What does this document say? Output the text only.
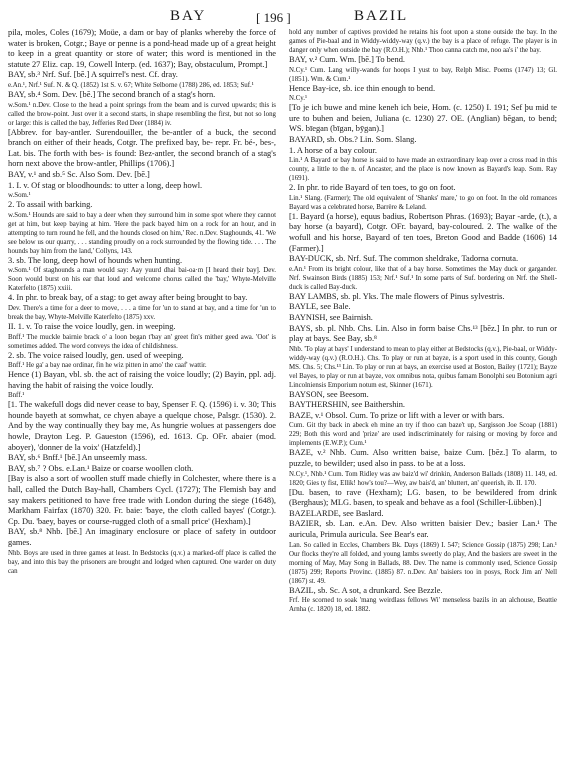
BAY	[ 196 ]	BAZIL

pila, moles, Coles (1679); Moüe, a dam or bay of planks whereby the force of water is broken, Cotgr.; Baye or penne is a pond-head made up of a great height to keep in a great quantity or store of water; this word is mentioned in the statute 27 Eliz. cap. 19, Cowell Interp. (ed. 1637); Bay, obstaculum, Prompt.]

BAY, sb.³ Nrf. Suf. [bē.] A squirrel's nest. Cf. dray.

e.An.¹, Nrf.¹ Suf. N. & Q. (1852) 1st S. v. 67; White Selborne (1788) 286, ed. 1853; Suf.¹

BAY, sb.⁴ Som. Dev. [bē.] The second branch of a stag's horn.

w.Som.¹ n.Dev. Close to the head a point springs from the beam and is curved upwards; this is called the brow-point. Just over it a second starts, in shape resembling the first, but not so long or large: this is called the bay, Jefferies Red Deer (1884) iv.

[Abbrev. for bay-antler. Surendouiller, the be-antler of a buck, the second branch on either of their heads, Cotgr. The prefixed bay, be- repr. Fr. bé-, bes-, Lat. bis. The forth with bes- is found: Bez-antler, the second branch of a stag's horn next above the brow-antler, Phillips (1706).]

BAY, v.¹ and sb.⁵ Sc. Also Som. Dev. [bē.]

1. I. v. Of stag or bloodhounds: to utter a long, deep howl.

w.Som.¹

2. To assail with barking.

w.Som.¹ Hounds are said to bay a deer when they surround him in some spot where they cannot get at him, but keep baying at him. 'Here the pack bayed him on a rock for an hour, and in attempting to turn round he fell, and the hounds closed on him,' Rec. n.Dev. Staghounds, 41. 'We see below us our quarry, . . . standing proudly on a rock surrounded by the flowing tide. . . . The hounds bay him from the land,' Collyns, 143.

3. sb. The long, deep howl of hounds when hunting.

w.Som.¹ Of staghounds a man would say: Aay yuurd dhai bai-oa·m [I heard their bay]. Dev. Soon would burst on his ear that loud and welcome chorus called the 'bay,' Whyte-Melville Katerfelto (1875) xxiii.

4. In phr. to break bay, of a stag: to get away after being brought to bay.

Dev. There's a time for a deer to move, . . . a time for 'un to stand at bay, and a time for 'un to break the bay, Whyte-Melville Katerfelto (1875) xxv.

II. 1. v. To raise the voice loudly, gen. in weeping.

Bnff.¹ The muckle bairnie brack o' a loon began t'bay an' greet fin's mither geed awa. 'Oot' is sometimes added. The word conveys the idea of childishness.

2. sb. The voice raised loudly, gen. used of weeping.

Bnff.¹ He ga' a bay nae ordinar, fin he wiz pitten in amo' the caaf' wattir.

Hence (1) Bayan, vbl. sb. the act of raising the voice loudly; (2) Bayin, ppl. adj. having the habit of raising the voice loudly.

Bnff.¹

[1. The wakefull dogs did never cease to bay, Spenser F. Q. (1596) i. v. 30; This hounde bayeth at somwhat, ce chyen abaye a quelque chose, Palsgr. (1530). 2. And by the way continually they bay me, As hungrie wolues at passengers doe howle, Drayton Leg. P. Gaueston (1596), ed. 1613. Cp. OFr. abaier (mod. aboyer), 'donner de la voix' (Hatzfeld).]

BAY, sb.⁶ Bnff.¹ [bē.] An unseemly mass.

BAY, sb.⁷ ? Obs. e.Lan.¹ Baize or coarse woollen cloth.

[Bay is also a sort of woollen stuff made chiefly in Colchester, where there is a hall, called the Dutch Bay-hall, Chambers Cycl. (1727); The Flemish bay and say makers petitioned to have free trade with London during the siege (1648), Markham Fairfax (1870) 320. Fr. baie: 'baye, the cloth called bayes' (Cotgr.). Cp. Du. 'baey, bayes or course-rugged cloth of a small price' (Hexham).]

BAY, sb.⁸ Nhb. [bē.] An imaginary enclosure or place of safety in outdoor games.

Nhb. Boys are used in three games at least. In Bedstocks (q.v.) a marked-off place is called the bay, and into this bay the prisoners are brought and lodged when captured. One warder on duty can

hold any number of captives provided he retains his foot upon a stone outside the bay. In the games of Pie-baal and in Widdy-widdy-way (q.v.) the bay is a place of refuge. The player is in danger only when outside the bay (R.O.H.); Nhb.¹ Thoo canna catch me, noo aa's i' the bay.

BAY, v.² Cum. Wm. [bē.] To bend.

N.Cy.¹ Cum. Lang willy-wands for hoops I yust to bay, Relph Misc. Poems (1747) 13; Gl. (1851). Wm. & Cum.¹

Hence Bay-ice, sb. ice thin enough to bend.

N.Cy.¹

[To je ich buwe and mine keneh ich beie, Hom. (c. 1250) I. 191; Sef þu mid te ure to buhen and beien, Juliana (c. 1230) 27. OE. (Anglian) bēgan, to bend; WS. bīegan (bīgan, bȳgan).]

BAYARD, sb. Obs.? Lin. Som. Slang.

1. A horse of a bay colour.

Lin.¹ A Bayard or bay horse is said to have made an extraordinary leap over a cross road in this county, a little to the n. of Ancaster, and the place is now known as Bayard's leap. Som. Ray (1691).

2. In phr. to ride Bayard of ten toes, to go on foot.

Lin.¹ Slang. (Farmer); The old equivalent of 'Shanks' mare,' to go on foot. In the old romances Bayard was a celebrated horse, Barrère & Leland.

[1. Bayard (a horse), equus badius, Robertson Phras. (1693); Bayar -arde, (t.), a bay horse (a bayard), Cotgr. OFr. bayard, bay-coloured. 2. The walke of the wofull and his horse, Bayard of ten toes, Breton Good and Badde (1606) 14 (Farmer).]

BAY-DUCK, sb. Nrf. Suf. The common sheldrake, Tadorna cornuta.

e.An.¹ From its bright colour, like that of a bay horse. Sometimes the May duck or gargander. Nrf. Swainson Birds (1885) 153; Nrf.¹ Suf.¹ In some parts of Suf. bordering on Nrf. the Shell-duck is called Bay-duck.

BAY LAMBS, sb. pl. Yks. The male flowers of Pinus sylvestris.

BAYLE, see Bale.

BAYNISH, see Bairnish.

BAYS, sb. pl. Nhb. Chs. Lin. Also in form baise Chs.¹³ [bēz.] In phr. to run or play at bays. See Bay, sb.⁸

Nhb. 'To play at bays' I understand to mean to play either at Bedstocks (q.v.), Pie-baal, or Widdy-widdy-way (q.v.) (R.O.H.). Chs. To play or run at bayze, is a sport used in this county, Gough MS. Chs. 5; Chs.¹³ Lin. To play or run at bays, an exercise used at Boston, Bailey (1721); Bayze vel Bayes, to play or run at bayze, vox omnibus nota, quibus famam Bonolphi seu Botonium agri Lincolniensis Emporium notum est, Skinner (1671).

BAYSON, see Beesom.

BAYTHERSHIN, see Baithershin.

BAZE, v.¹ Obsol. Cum. To prize or lift with a lever or with bars.

Cum. Git thy back in abeck eh mine an try if thoo can baze't up, Sargisson Joe Scoap (1881) 229; Both this word and 'prize' are used indiscriminately for raising or moving by force and implements (E.W.P.); Cum.¹

BAZE, v.² Nhb. Cum. Also written baise, baize Cum. [bēz.] To alarm, to puzzle, to bewilder; used also in pass. to be at a loss.

N.Cy.¹, Nhb.¹ Cum. Tom Ridley was aw baiz'd wi' drinkin, Anderson Ballads (1808) 11. 149, ed. 1820; Gies ty fist, Ellik! how's tou?—Wey, aw bais'd, an' bluttert, an' queerish, ib. II. 170.

[Du. basen, to rave (Hexham); LG. basen, to be bewildered from drink (Berghaus); MLG. basen, to speak and behave as a fool (Schiller-Lübben).]

BAZELARDE, see Baslard.

BAZIER, sb. Lan. e.An. Dev. Also written baisier Dev.; basier Lan.¹ The auricula, Primula auricula. See Bear's ear.

Lan. So called in Eccles, Chambers Bk. Days (1869) I. 547; Science Gossip (1875) 298; Lan.¹ Our flocks they're all folded, and young lambs sweetly do play, And the basiers are sweet in the morning of May, May Song in Ballads, 88. Dev. The name is commonly used, Science Gossip (1875) 299; Reports Provinc. (1885) 87. n.Dev. An' baisiers too in posys, Rock Jim an' Nell (1867) st. 49.

BAZIL, sb. Sc. A sot, a drunkard. See Bezzle.

Frf. He scorned to soak 'mang weirdlass fellows Wi' menseless bazils in an alchouse, Beattie Arnha (c. 1820) 18, ed. 1882.
